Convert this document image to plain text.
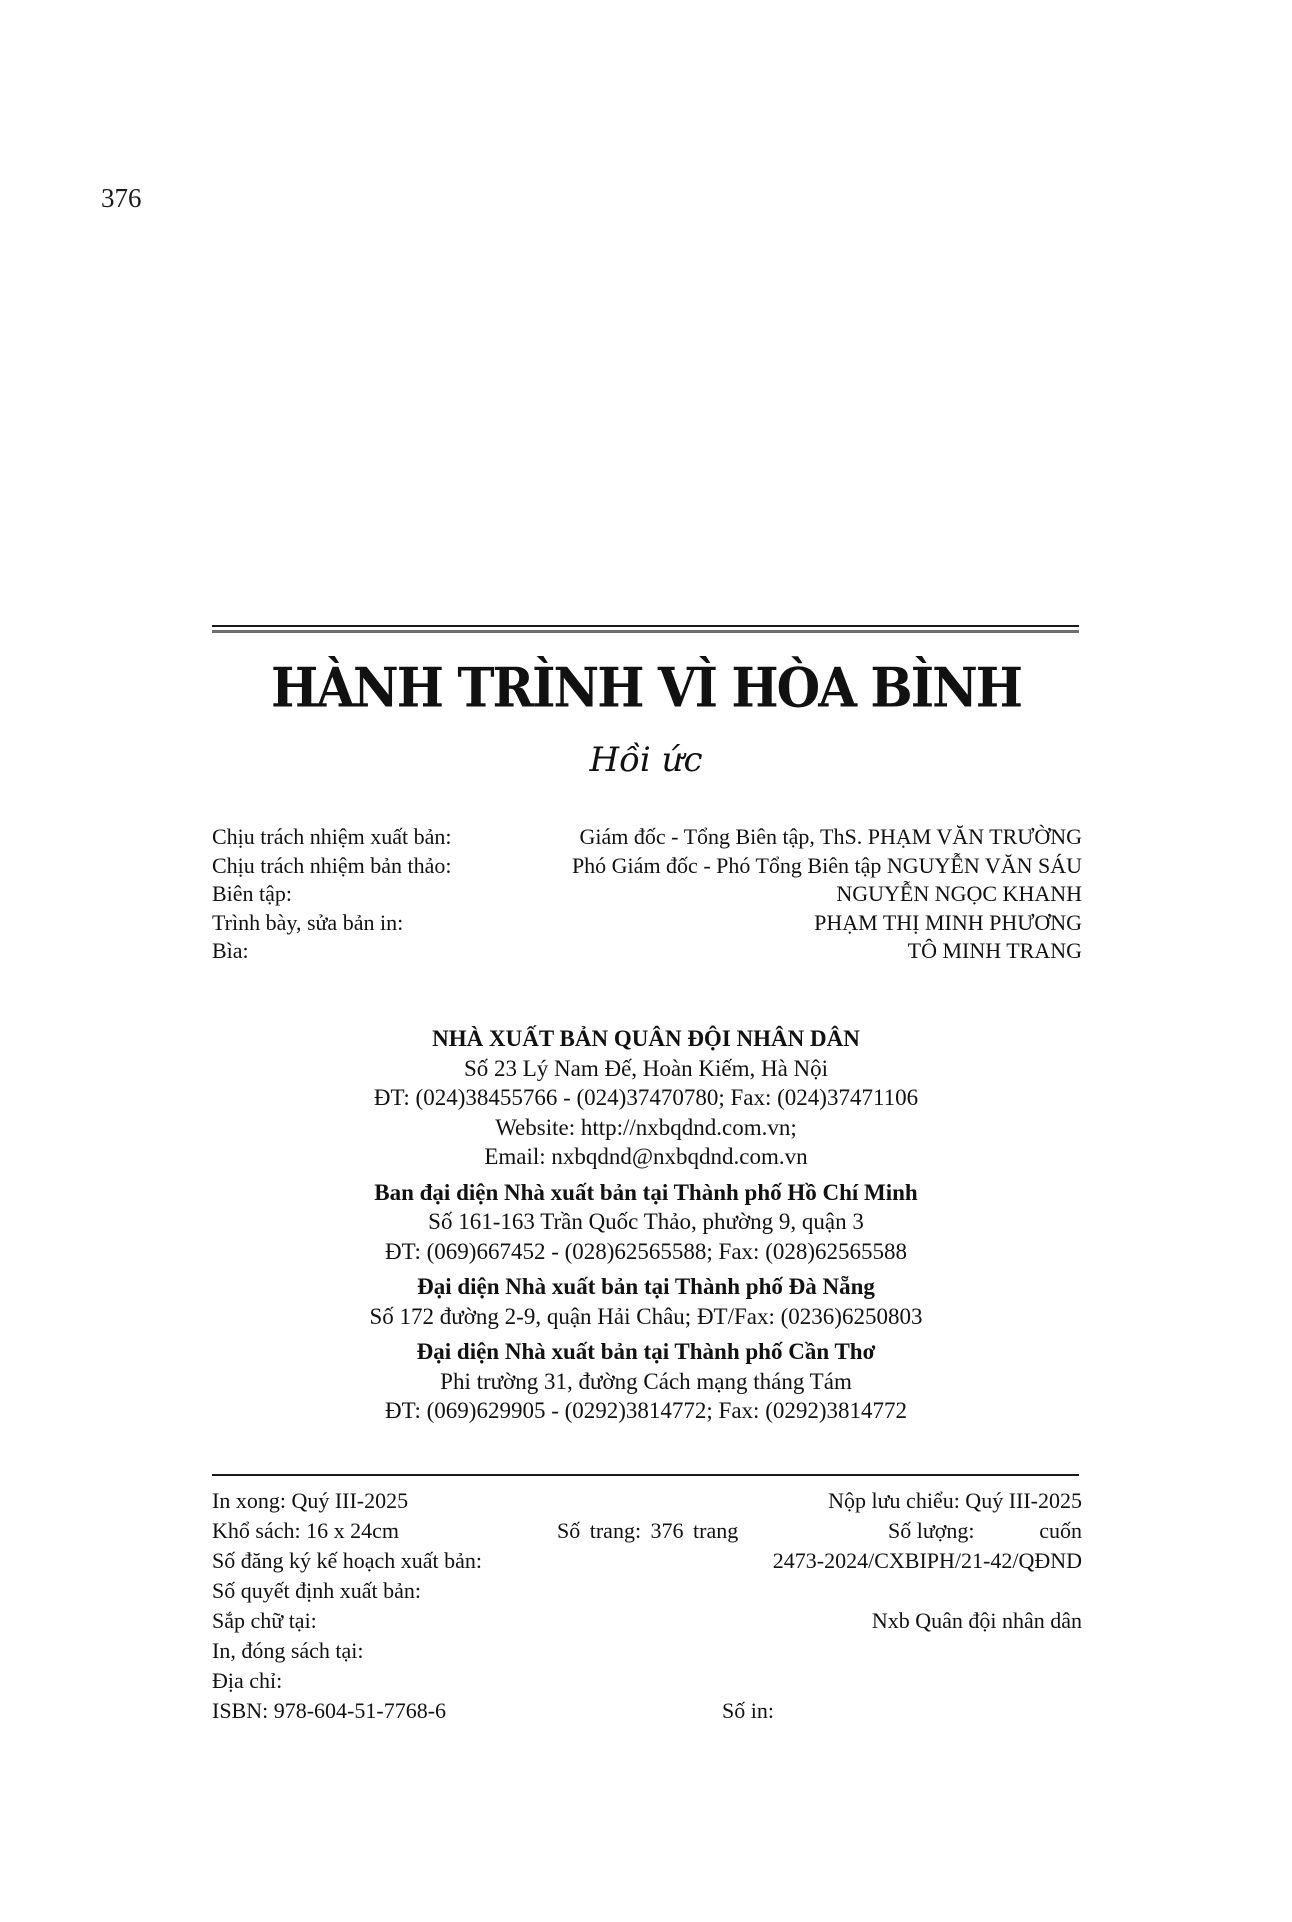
376
HÀNH TRÌNH VÌ HÒA BÌNH
Hồi ức
Chịu trách nhiệm xuất bản:	Giám đốc - Tổng Biên tập, ThS. PHẠM VĂN TRƯỜNG
Chịu trách nhiệm bản thảo:	Phó Giám đốc - Phó Tổng Biên tập NGUYỄN VĂN SÁU
Biên tập:	NGUYỄN NGỌC KHANH
Trình bày, sửa bản in:	PHẠM THỊ MINH PHƯƠNG
Bìa:	TÔ MINH TRANG
NHÀ XUẤT BẢN QUÂN ĐỘI NHÂN DÂN
Số 23 Lý Nam Đế, Hoàn Kiếm, Hà Nội
ĐT: (024)38455766 - (024)37470780; Fax: (024)37471106
Website: http://nxbqdnd.com.vn;
Email: nxbqdnd@nxbqdnd.com.vn
Ban đại diện Nhà xuất bản tại Thành phố Hồ Chí Minh
Số 161-163 Trần Quốc Thảo, phường 9, quận 3
ĐT: (069)667452 - (028)62565588; Fax: (028)62565588
Đại diện Nhà xuất bản tại Thành phố Đà Nẵng
Số 172 đường 2-9, quận Hải Châu; ĐT/Fax: (0236)6250803
Đại diện Nhà xuất bản tại Thành phố Cần Thơ
Phi trường 31, đường Cách mạng tháng Tám
ĐT: (069)629905 - (0292)3814772; Fax: (0292)3814772
In xong: Quý III-2025	Nộp lưu chiểu: Quý III-2025
Khổ sách: 16 x 24cm	Số trang: 376 trang	Số lượng:	cuốn
Số đăng ký kế hoạch xuất bản:	2473-2024/CXBIPH/21-42/QĐND
Số quyết định xuất bản:
Sắp chữ tại:	Nxb Quân đội nhân dân
In, đóng sách tại:
Địa chỉ:
ISBN: 978-604-51-7768-6	Số in:
